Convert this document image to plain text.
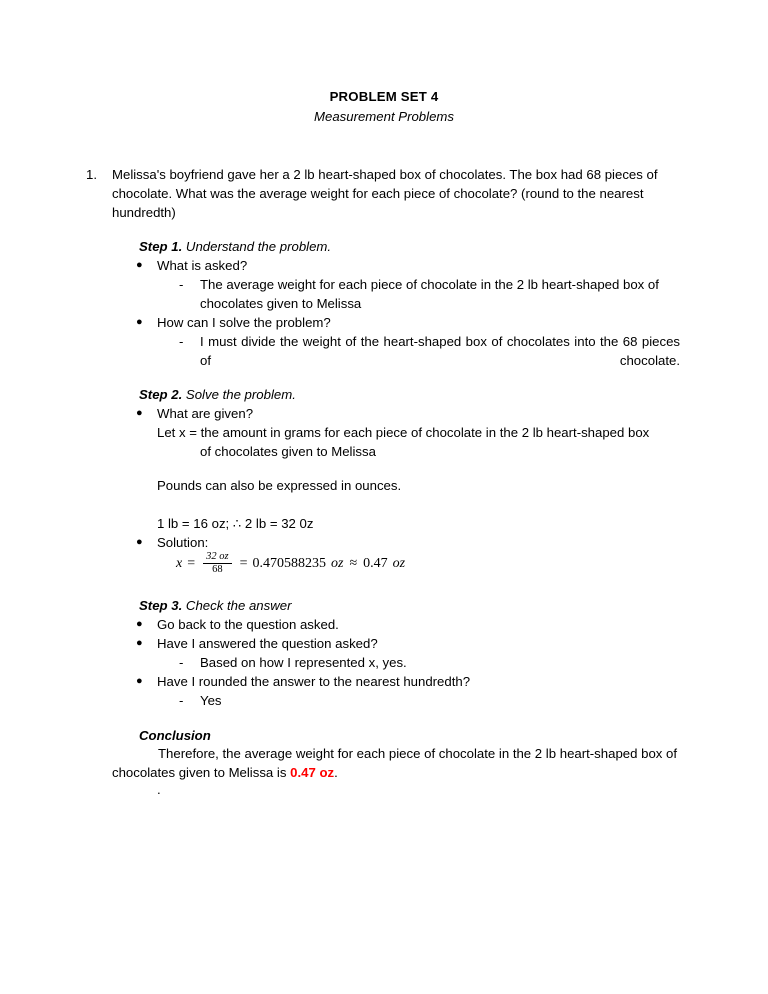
PROBLEM SET 4
Measurement Problems
1. Melissa's boyfriend gave her a 2 lb heart-shaped box of chocolates. The box had 68 pieces of chocolate. What was the average weight for each piece of chocolate? (round to the nearest hundredth)
Step 1. Understand the problem.
●	What is asked?
-	The average weight for each piece of chocolate in the 2 lb heart-shaped box of chocolates given to Melissa
●	How can I solve the problem?
-	I must divide the weight of the heart-shaped box of chocolates into the 68 pieces of chocolate.
Step 2. Solve the problem.
●	What are given?
Let x = the amount in grams for each piece of chocolate in the 2 lb heart-shaped box
of chocolates given to Melissa
Pounds can also be expressed in ounces.
1 lb = 16 oz; ∴ 2 lb = 32 0z
●	Solution:
$x = \frac{32 oz}{68} = 0.470588235$ oz ≈ 0.47 oz
Step 3. Check the answer
●	Go back to the question asked.
●	Have I answered the question asked?
-	Based on how I represented x, yes.
●	Have I rounded the answer to the nearest hundredth?
-	Yes
Conclusion
Therefore, the average weight for each piece of chocolate in the 2 lb heart-shaped box of chocolates given to Melissa is 0.47 oz.
.
